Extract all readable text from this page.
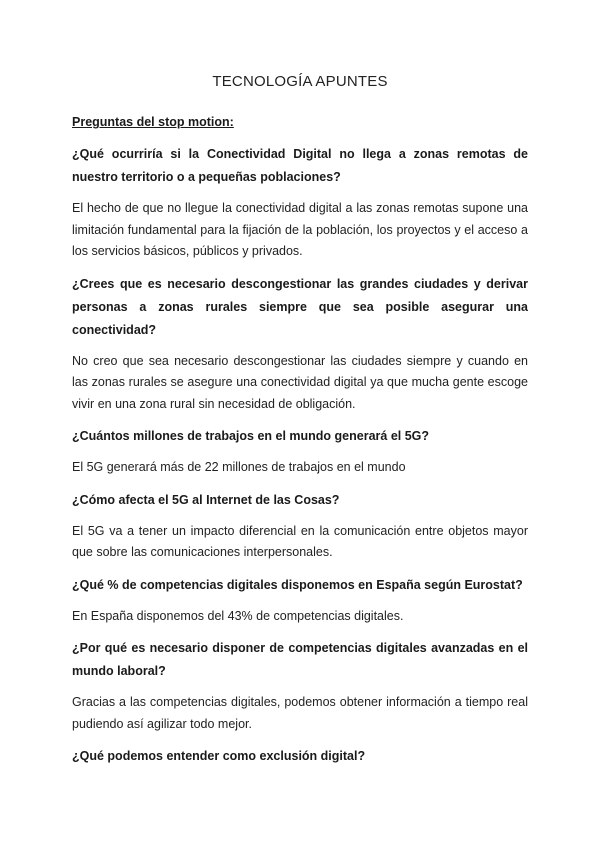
TECNOLOGÍA APUNTES

Preguntas del stop motion:

¿Qué ocurriría si la Conectividad Digital no llega a zonas remotas de nuestro territorio o a pequeñas poblaciones?

El hecho de que no llegue la conectividad digital a las zonas remotas supone una limitación fundamental para la fijación de la población, los proyectos y el acceso a los servicios básicos, públicos y privados.

¿Crees que es necesario descongestionar las grandes ciudades y derivar personas a zonas rurales siempre que sea posible asegurar una conectividad?

No creo que sea necesario descongestionar las ciudades siempre y cuando en las zonas rurales se asegure una conectividad digital ya que mucha gente escoge vivir en una zona rural sin necesidad de obligación.

¿Cuántos millones de trabajos en el mundo generará el 5G?

El 5G generará más de 22 millones de trabajos en el mundo

¿Cómo afecta el 5G al Internet de las Cosas?

El 5G va a tener un impacto diferencial en la comunicación entre objetos mayor que sobre las comunicaciones interpersonales.

¿Qué % de competencias digitales disponemos en España según Eurostat?

En España disponemos del 43% de competencias digitales.

¿Por qué es necesario disponer de competencias digitales avanzadas en el mundo laboral?

Gracias a las competencias digitales, podemos obtener información a tiempo real pudiendo así agilizar todo mejor.

¿Qué podemos entender como exclusión digital?
